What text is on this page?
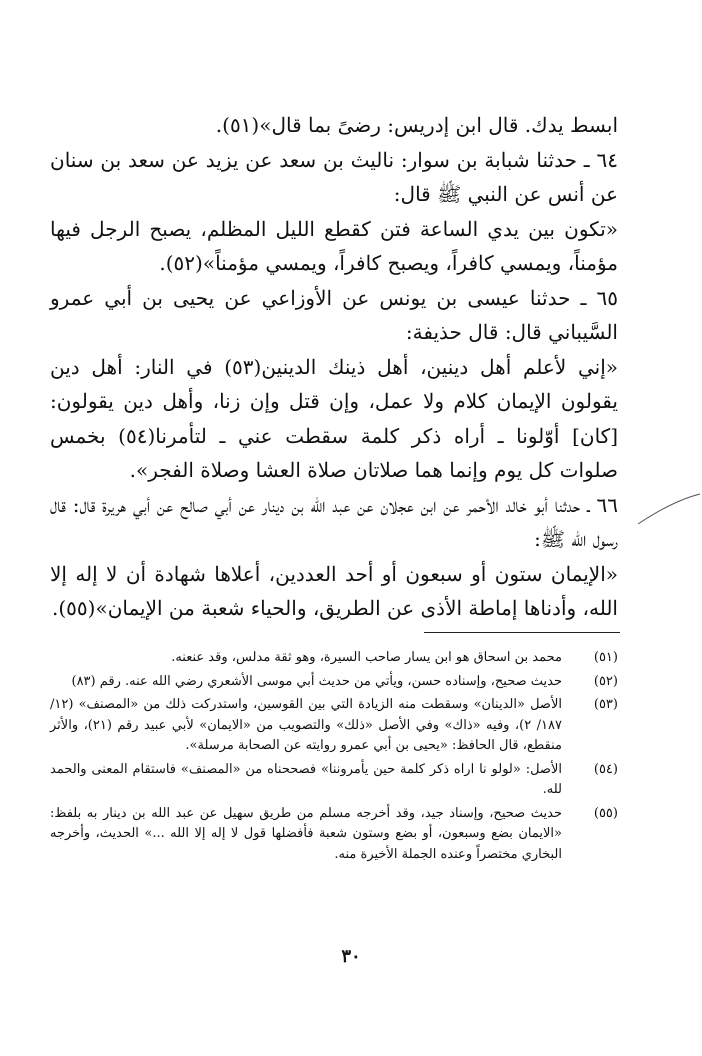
ابسط يدك. قال ابن إدريس: رضىً بما قال»(٥١).

٦٤ ـ حدثنا شبابة بن سوار: ناليث بن سعد عن يزيد عن سعد بن سنان عن أنس عن النبي ﷺ قال:

«تكون بين يدي الساعة فتن كقطع الليل المظلم، يصبح الرجل فيها مؤمناً، ويمسي كافراً، ويصبح كافراً، ويمسي مؤمناً»(٥٢).

٦٥ ـ حدثنا عيسى بن يونس عن الأوزاعي عن يحيى بن أبي عمرو السَّيباني قال: قال حذيفة:

«إني لأعلم أهل دينين، أهل ذينك الدينين(٥٣) في النار: أهل دين يقولون الإيمان كلام ولا عمل، وإن قتل وإن زنا، وأهل دين يقولون: [كان] أوّلونا ـ أراه ذكر كلمة سقطت عني ـ لتأمرنا(٥٤) بخمس صلوات كل يوم وإنما هما صلاتان صلاة العشا وصلاة الفجر».

٦٦ ـ حدثنا أبو خالد الأحمر عن ابن عجلان عن عبد الله بن دينار عن أبي صالح عن أبي هريرة قال: قال رسول الله ﷺ:

«الإيمان ستون أو سبعون أو أحد العددين، أعلاها شهادة أن لا إله إلا الله، وأدناها إماطة الأذى عن الطريق، والحياء شعبة من الإيمان»(٥٥).

(٥١)
محمد بن اسحاق هو ابن يسار صاحب السيرة، وهو ثقة مدلس، وقد عنعنه.
(٥٢)
حديث صحيح، وإسناده حسن، ويأتي من حديث أبي موسى الأشعري رضي الله عنه. رقم (٨٣)
(٥٣)
الأصل «الدينان» وسقطت منه الزيادة التي بين القوسين، واستدركت ذلك من «المصنف» (١٢/ ١٨٧/ ٢)، وفيه «ذاك» وفي الأصل «ذلك» والتصويب من «الايمان» لأبي عبيد رقم (٢١)، والأثر منقطع، قال الحافظ: «يحيى بن أبي عمرو روايته عن الصحابة مرسلة».
(٥٤)
الأصل: «لولو نا اراه ذكر كلمة حين يأمروننا» فصححناه من «المصنف» فاستقام المعنى والحمد لله.
(٥٥)
حديث صحيح، وإسناد جيد، وقد أخرجه مسلم من طريق سهيل عن عبد الله بن دينار به بلفظ: «الايمان بضع وسبعون، أو بضع وستون شعبة فأفضلها قول لا إله إلا الله ...» الحديث، وأخرجه البخاري مختصراً وعنده الجملة الأخيرة منه.
٣٠
